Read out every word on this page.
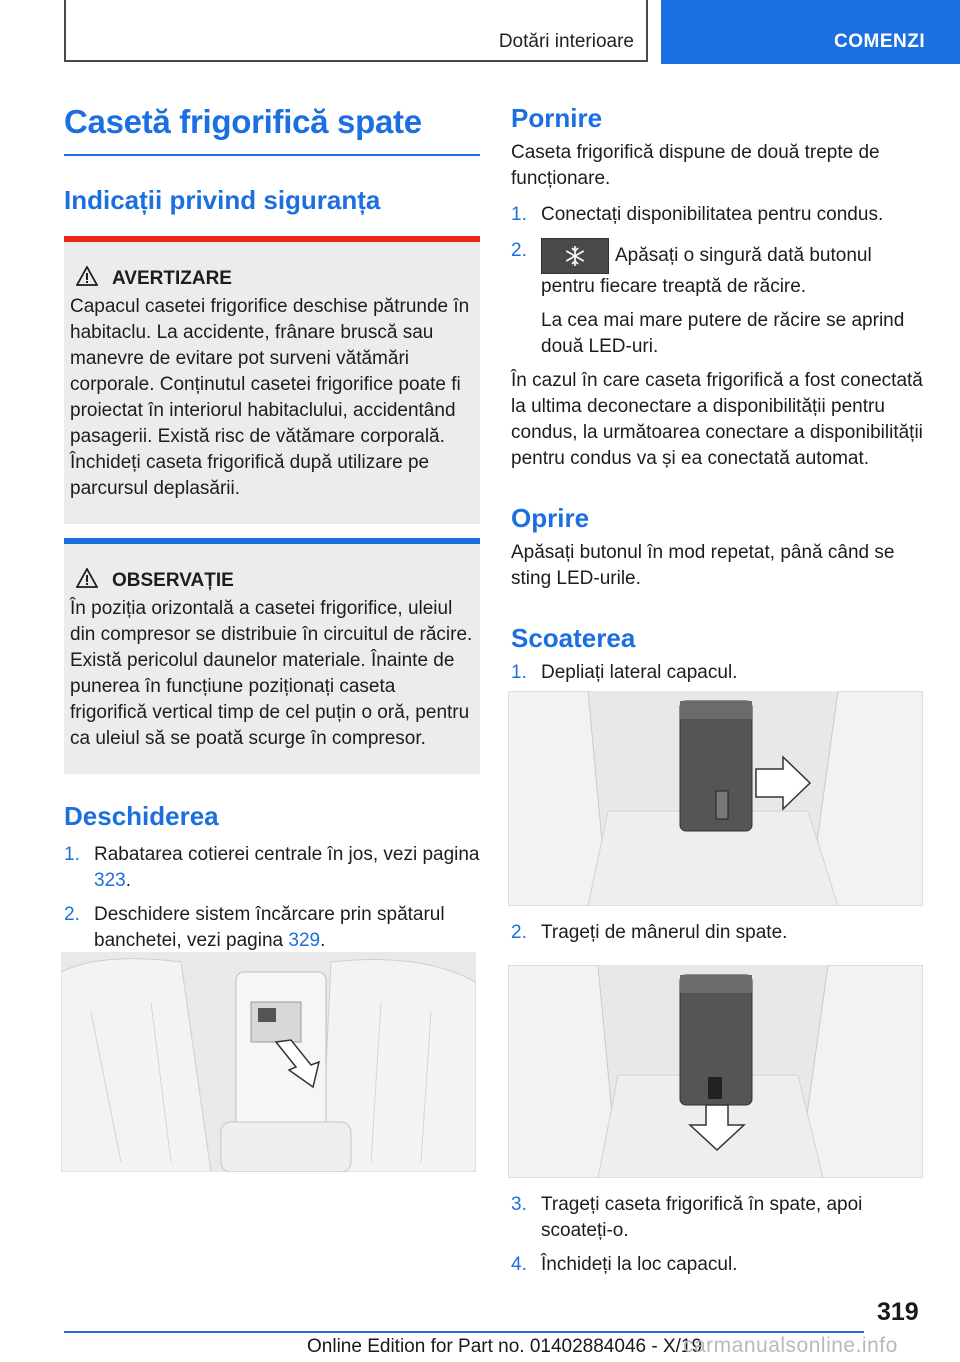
Dotări interioare	COMENZI
Casetă frigorifică spate
Indicații privind siguranța
AVERTIZARE

Capacul casetei frigorifice deschise pătrunde în habitaclu. La accidente, frânare bruscă sau manevre de evitare pot surveni vătămări corporale. Conținutul casetei frigorifice poate fi proiectat în interiorul habitaclului, accidentând pasagerii. Există risc de vătămare corporală. Închideți caseta frigorifică după utilizare pe parcursul deplasării.

OBSERVAȚIE

În poziția orizontală a casetei frigorifice, uleiul din compresor se distribuie în circuitul de răcire. Există pericolul daunelor materiale. Înainte de punerea în funcțiune poziționați caseta frigorifică vertical timp de cel puțin o oră, pentru ca uleiul să se poată scurge în compresor.

Deschiderea
1. Rabatarea cotierei centrale în jos, vezi pagina 323.
2. Deschidere sistem încărcare prin spătarul banchetei, vezi pagina 329.
Pornire

Caseta frigorifică dispune de două trepte de funcționare.

1. Conectați disponibilitatea pentru condus.
2.	Apăsați o singură dată butonul pentru fiecare treaptă de răcire.

La cea mai mare putere de răcire se aprind două LED-uri.

În cazul în care caseta frigorifică a fost conectată la ultima deconectare a disponibilității pentru condus, la următoarea conectare a disponibilității pentru condus va și ea conectată automat.

Oprire

Apăsați butonul în mod repetat, până când se sting LED-urile.

Scoaterea
1. Depliați lateral capacul.
2. Trageți de mânerul din spate.
3. Trageți caseta frigorifică în spate, apoi scoateți-o.
4. Închideți la loc capacul.
319
Online Edition for Part no. 01402884046 - X/19
carmanualsonline.info
